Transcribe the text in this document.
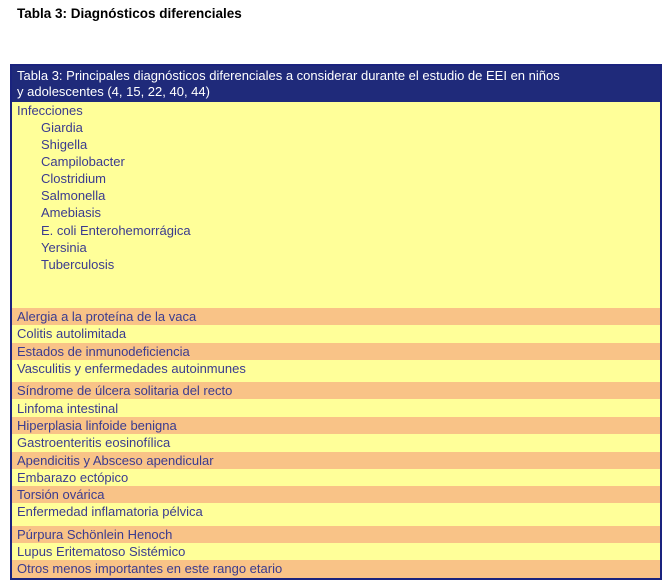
Tabla 3: Diagnósticos diferenciales
Tabla 3: Principales diagnósticos diferenciales a considerar durante el estudio de EEI en niños
y adolescentes (4, 15, 22, 40, 44)
Infecciones
Giardia
Shigella
Campilobacter
Clostridium
Salmonella
Amebiasis
E. coli Enterohemorrágica
Yersinia
Tuberculosis
Alergia a la proteína de la vaca
Colitis autolimitada
Estados de inmunodeficiencia
Vasculitis y enfermedades autoinmunes
Síndrome de úlcera solitaria del recto
Linfoma intestinal
Hiperplasia linfoide benigna
Gastroenteritis eosinofílica
Apendicitis y Absceso apendicular
Embarazo ectópico
Torsión ovárica
Enfermedad inflamatoria pélvica
Púrpura Schönlein Henoch
Lupus Eritematoso Sistémico
Otros menos importantes en este rango etario
